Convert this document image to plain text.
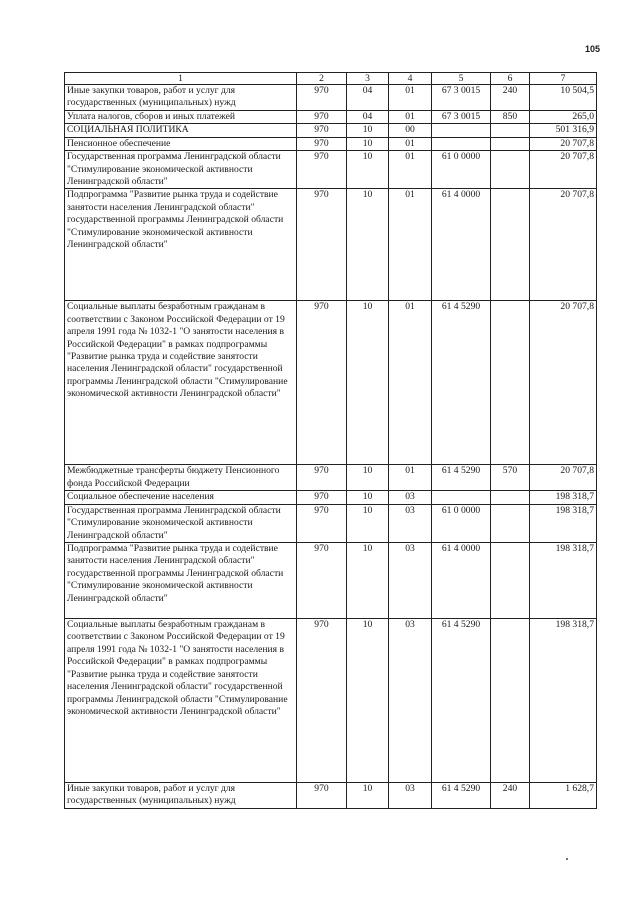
105
1	2	3	4	5	6	7
Иные закупки товаров, работ и услуг для государственных (муниципальных) нужд	970	04	01	67 3 0015	240	10 504,5
Уплата налогов, сборов и иных платежей	970	04	01	67 3 0015	850	265,0
СОЦИАЛЬНАЯ ПОЛИТИКА	970	10	00			501 316,9
Пенсионное обеспечение	970	10	01			20 707,8
Государственная программа Ленинградской области "Стимулирование экономической активности Ленинградской области"	970	10	01	61 0 0000		20 707,8
Подпрограмма "Развитие рынка труда и содействие занятости населения Ленинградской области" государственной программы Ленинградской области "Стимулирование экономической активности Ленинградской области"	970	10	01	61 4 0000		20 707,8
Социальные выплаты безработным гражданам в соответствии с Законом Российской Федерации от 19 апреля 1991 года № 1032-1 "О занятости населения в Российской Федерации" в рамках подпрограммы "Развитие рынка труда и содействие занятости населения Ленинградской области" государственной программы Ленинградской области "Стимулирование экономической активности Ленинградской области"	970	10	01	61 4 5290		20 707,8
Межбюджетные трансферты бюджету Пенсионного фонда Российской Федерации	970	10	01	61 4 5290	570	20 707,8
Социальное обеспечение населения	970	10	03			198 318,7
Государственная программа Ленинградской области "Стимулирование экономической активности Ленинградской области"	970	10	03	61 0 0000		198 318,7
Подпрограмма "Развитие рынка труда и содействие занятости населения Ленинградской области" государственной программы Ленинградской области "Стимулирование экономической активности Ленинградской области"	970	10	03	61 4 0000		198 318,7
Социальные выплаты безработным гражданам в соответствии с Законом Российской Федерации от 19 апреля 1991 года № 1032-1 "О занятости населения в Российской Федерации" в рамках подпрограммы "Развитие рынка труда и содействие занятости населения Ленинградской области" государственной программы Ленинградской области "Стимулирование экономической активности Ленинградской области"	970	10	03	61 4 5290		198 318,7
Иные закупки товаров, работ и услуг для государственных (муниципальных) нужд	970	10	03	61 4 5290	240	1 628,7
